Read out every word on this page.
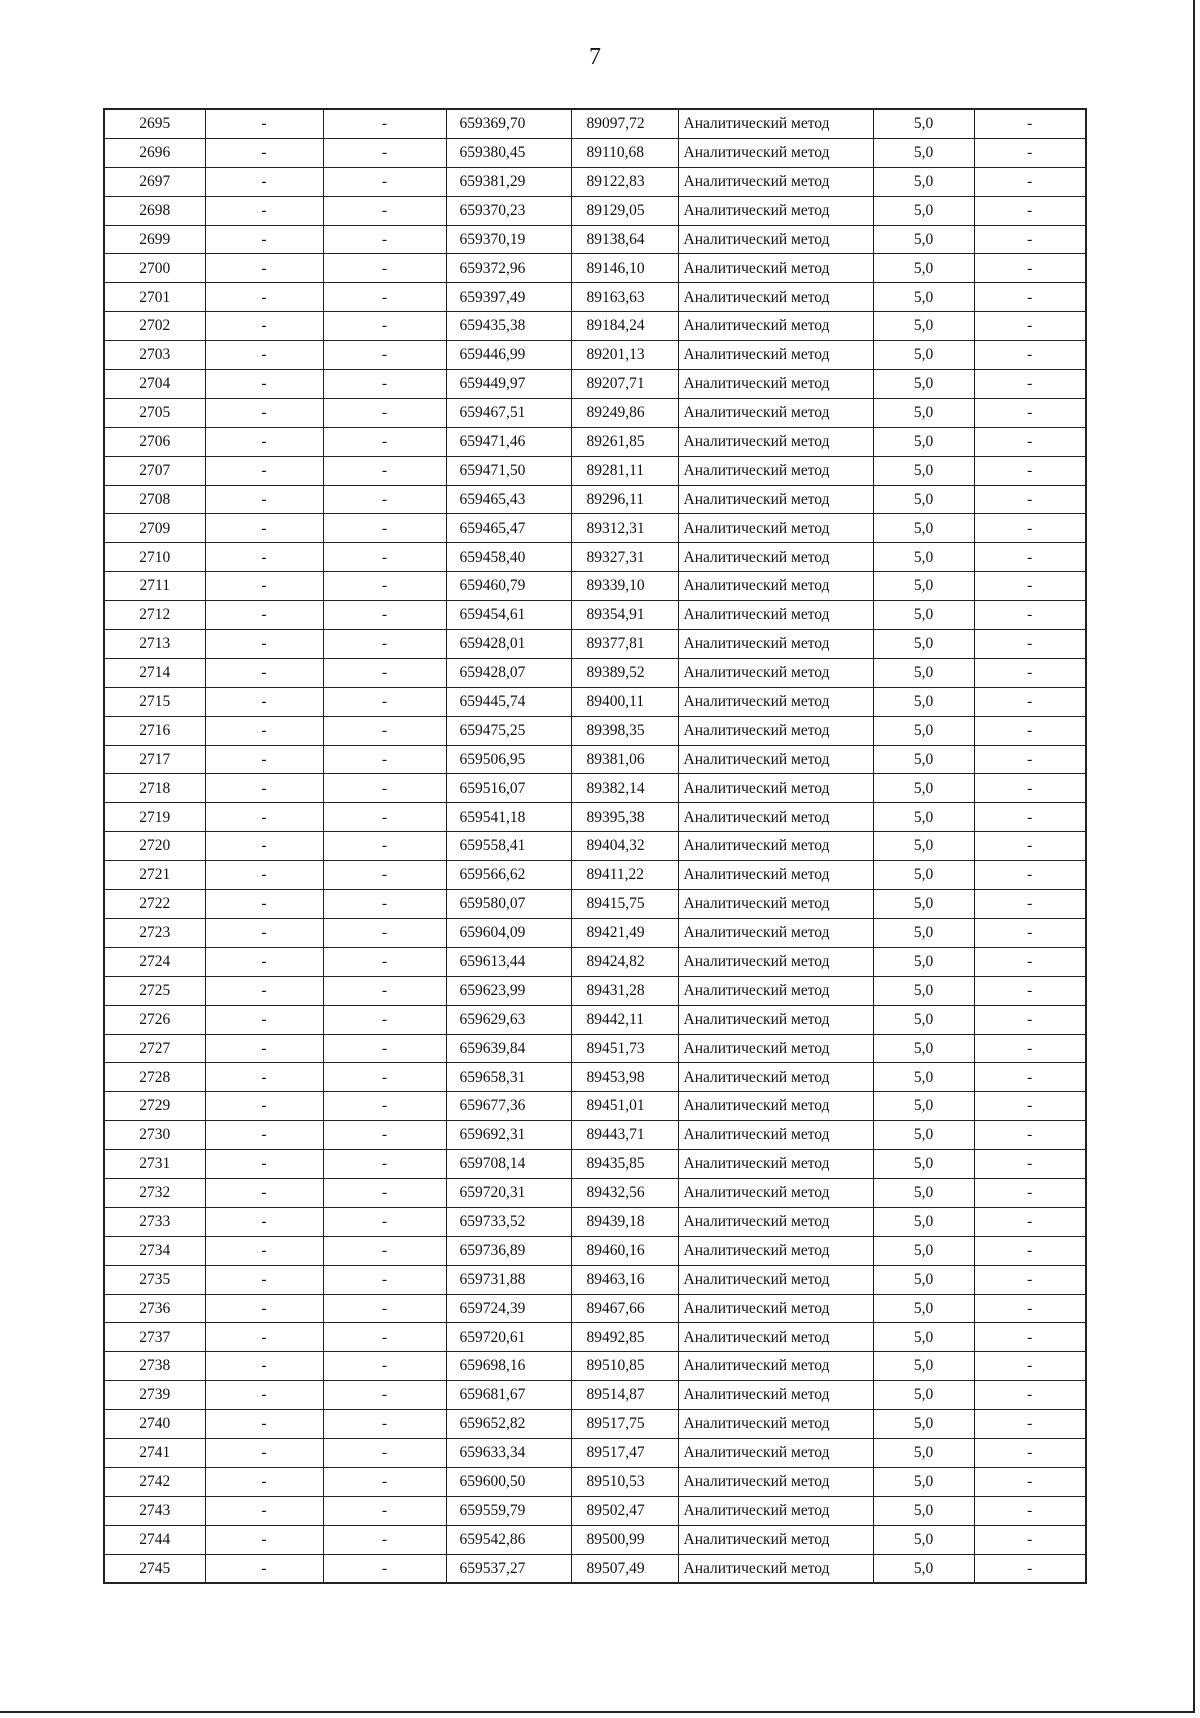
7
2695	-	-	659369,70	89097,72	Аналитический метод	5,0	-
2696	-	-	659380,45	89110,68	Аналитический метод	5,0	-
2697	-	-	659381,29	89122,83	Аналитический метод	5,0	-
2698	-	-	659370,23	89129,05	Аналитический метод	5,0	-
2699	-	-	659370,19	89138,64	Аналитический метод	5,0	-
2700	-	-	659372,96	89146,10	Аналитический метод	5,0	-
2701	-	-	659397,49	89163,63	Аналитический метод	5,0	-
2702	-	-	659435,38	89184,24	Аналитический метод	5,0	-
2703	-	-	659446,99	89201,13	Аналитический метод	5,0	-
2704	-	-	659449,97	89207,71	Аналитический метод	5,0	-
2705	-	-	659467,51	89249,86	Аналитический метод	5,0	-
2706	-	-	659471,46	89261,85	Аналитический метод	5,0	-
2707	-	-	659471,50	89281,11	Аналитический метод	5,0	-
2708	-	-	659465,43	89296,11	Аналитический метод	5,0	-
2709	-	-	659465,47	89312,31	Аналитический метод	5,0	-
2710	-	-	659458,40	89327,31	Аналитический метод	5,0	-
2711	-	-	659460,79	89339,10	Аналитический метод	5,0	-
2712	-	-	659454,61	89354,91	Аналитический метод	5,0	-
2713	-	-	659428,01	89377,81	Аналитический метод	5,0	-
2714	-	-	659428,07	89389,52	Аналитический метод	5,0	-
2715	-	-	659445,74	89400,11	Аналитический метод	5,0	-
2716	-	-	659475,25	89398,35	Аналитический метод	5,0	-
2717	-	-	659506,95	89381,06	Аналитический метод	5,0	-
2718	-	-	659516,07	89382,14	Аналитический метод	5,0	-
2719	-	-	659541,18	89395,38	Аналитический метод	5,0	-
2720	-	-	659558,41	89404,32	Аналитический метод	5,0	-
2721	-	-	659566,62	89411,22	Аналитический метод	5,0	-
2722	-	-	659580,07	89415,75	Аналитический метод	5,0	-
2723	-	-	659604,09	89421,49	Аналитический метод	5,0	-
2724	-	-	659613,44	89424,82	Аналитический метод	5,0	-
2725	-	-	659623,99	89431,28	Аналитический метод	5,0	-
2726	-	-	659629,63	89442,11	Аналитический метод	5,0	-
2727	-	-	659639,84	89451,73	Аналитический метод	5,0	-
2728	-	-	659658,31	89453,98	Аналитический метод	5,0	-
2729	-	-	659677,36	89451,01	Аналитический метод	5,0	-
2730	-	-	659692,31	89443,71	Аналитический метод	5,0	-
2731	-	-	659708,14	89435,85	Аналитический метод	5,0	-
2732	-	-	659720,31	89432,56	Аналитический метод	5,0	-
2733	-	-	659733,52	89439,18	Аналитический метод	5,0	-
2734	-	-	659736,89	89460,16	Аналитический метод	5,0	-
2735	-	-	659731,88	89463,16	Аналитический метод	5,0	-
2736	-	-	659724,39	89467,66	Аналитический метод	5,0	-
2737	-	-	659720,61	89492,85	Аналитический метод	5,0	-
2738	-	-	659698,16	89510,85	Аналитический метод	5,0	-
2739	-	-	659681,67	89514,87	Аналитический метод	5,0	-
2740	-	-	659652,82	89517,75	Аналитический метод	5,0	-
2741	-	-	659633,34	89517,47	Аналитический метод	5,0	-
2742	-	-	659600,50	89510,53	Аналитический метод	5,0	-
2743	-	-	659559,79	89502,47	Аналитический метод	5,0	-
2744	-	-	659542,86	89500,99	Аналитический метод	5,0	-
2745	-	-	659537,27	89507,49	Аналитический метод	5,0	-
